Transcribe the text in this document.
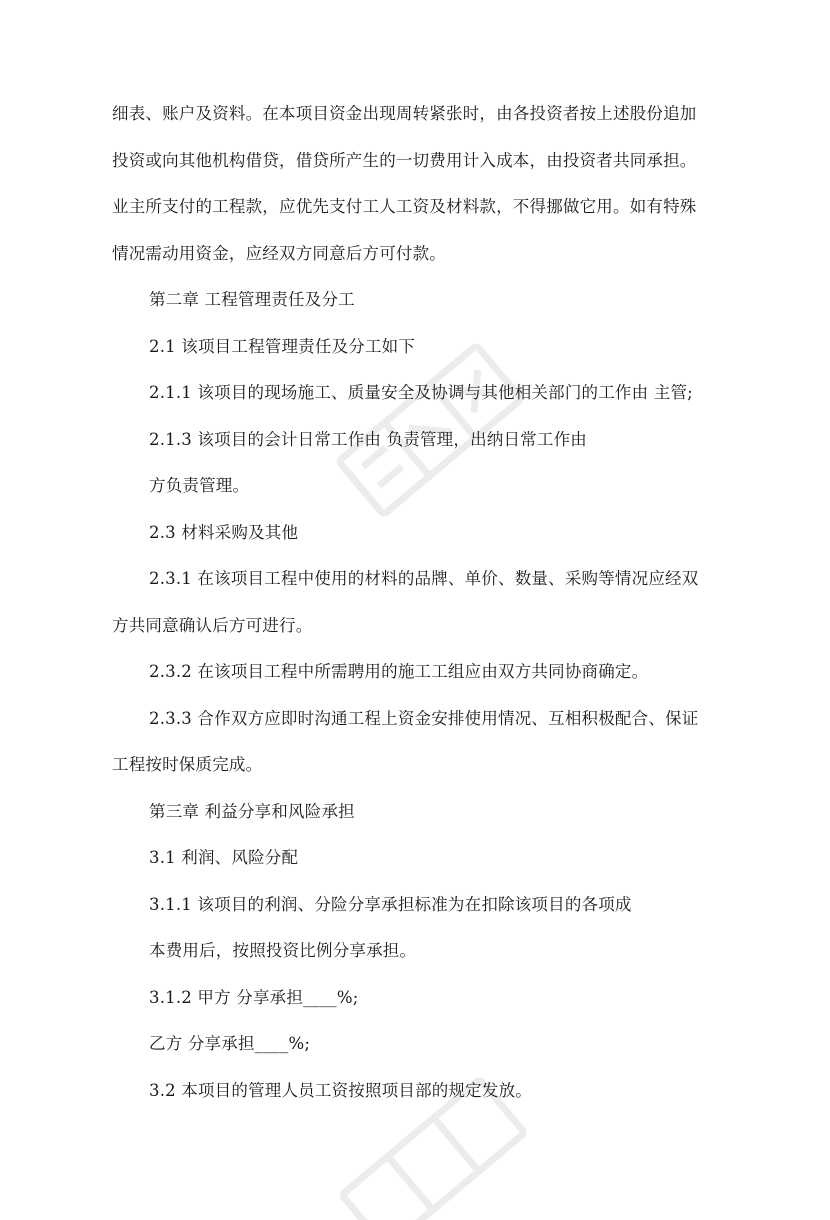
细表、账户及资料。在本项目资金出现周转紧张时，由各投资者按上述股份追加
投资或向其他机构借贷，借贷所产生的一切费用计入成本，由投资者共同承担。
业主所支付的工程款，应优先支付工人工资及材料款，不得挪做它用。如有特殊
情况需动用资金，应经双方同意后方可付款。
第二章 工程管理责任及分工
2.1 该项目工程管理责任及分工如下
2.1.1 该项目的现场施工、质量安全及协调与其他相关部门的工作由 主管;
2.1.3 该项目的会计日常工作由 负责管理，出纳日常工作由
方负责管理。
2.3 材料采购及其他
2.3.1 在该项目工程中使用的材料的品牌、单价、数量、采购等情况应经双
方共同意确认后方可进行。
2.3.2 在该项目工程中所需聘用的施工工组应由双方共同协商确定。
2.3.3 合作双方应即时沟通工程上资金安排使用情况、互相积极配合、保证
工程按时保质完成。
第三章 利益分享和风险承担
3.1 利润、风险分配
3.1.1 该项目的利润、分险分享承担标准为在扣除该项目的各项成
本费用后，按照投资比例分享承担。
3.1.2 甲方 分享承担____%;
乙方 分享承担____%;
3.2 本项目的管理人员工资按照项目部的规定发放。
